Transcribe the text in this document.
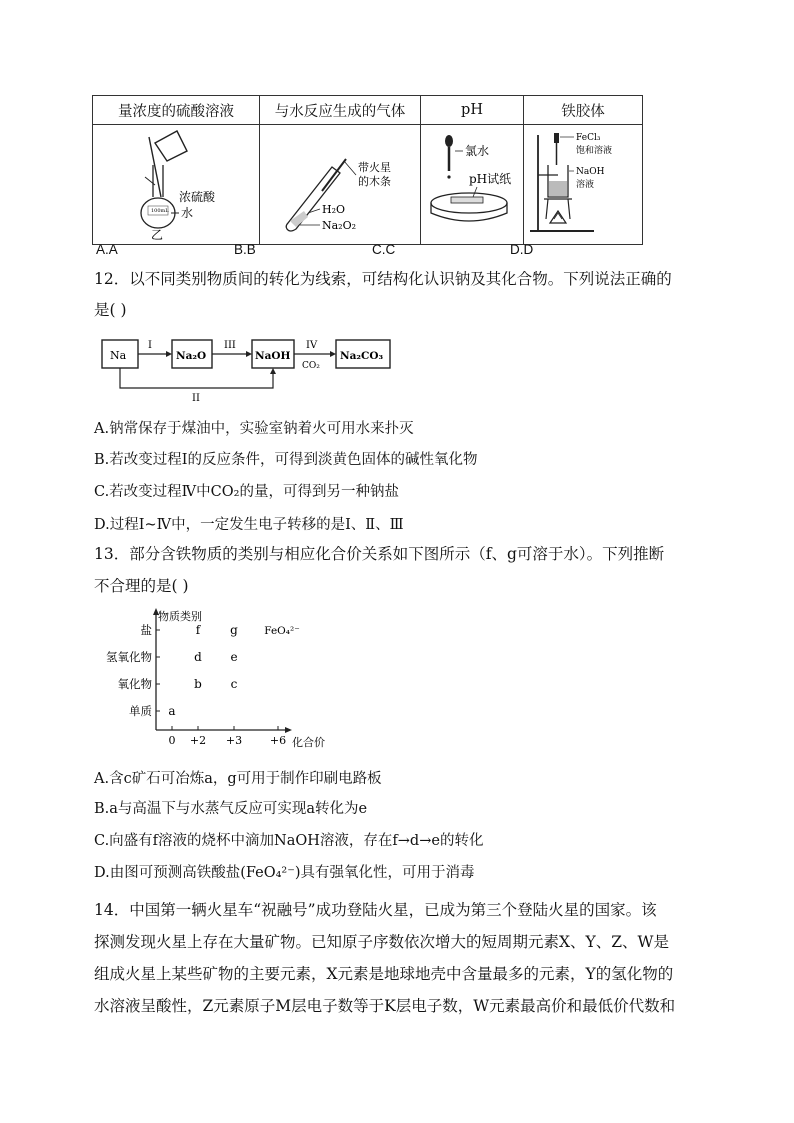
量浓度的硫酸溶液	与水反应生成的气体	pH	铁胶体

100mL
浓硫酸
水
乙	带火星
的木条
H₂O
Na₂O₂	氯水
pH试纸	FeCl₃
饱和溶液
NaOH
溶液
A.A	B.B	C.C	D.D
12．以不同类别物质间的转化为线索，可结构化认识钠及其化合物。下列说法正确的
是( )
Na	Na₂O	NaOH	Na₂CO₃
I	III	IV
CO₂
II
A.钠常保存于煤油中，实验室钠着火可用水来扑灭
B.若改变过程Ⅰ的反应条件，可得到淡黄色固体的碱性氧化物
C.若改变过程Ⅳ中CO₂的量，可得到另一种钠盐
D.过程Ⅰ~Ⅳ中，一定发生电子转移的是Ⅰ、Ⅱ、Ⅲ
13．部分含铁物质的类别与相应化合价关系如下图所示（f、g可溶于水）。下列推断
不合理的是( )
物质类别
化合价
盐
氢氧化物
氧化物
单质
0 +2 +3	+6
a
b c
d e
f g	FeO₄²⁻
A.含c矿石可冶炼a，g可用于制作印刷电路板
B.a与高温下与水蒸气反应可实现a转化为e
C.向盛有f溶液的烧杯中滴加NaOH溶液，存在f→d→e的转化
D.由图可预测高铁酸盐(FeO₄²⁻)具有强氧化性，可用于消毒
14．中国第一辆火星车“祝融号”成功登陆火星，已成为第三个登陆火星的国家。该
探测发现火星上存在大量矿物。已知原子序数依次增大的短周期元素X、Y、Z、W是
组成火星上某些矿物的主要元素，X元素是地球地壳中含量最多的元素，Y的氢化物的
水溶液呈酸性，Z元素原子M层电子数等于K层电子数，W元素最高价和最低价代数和
